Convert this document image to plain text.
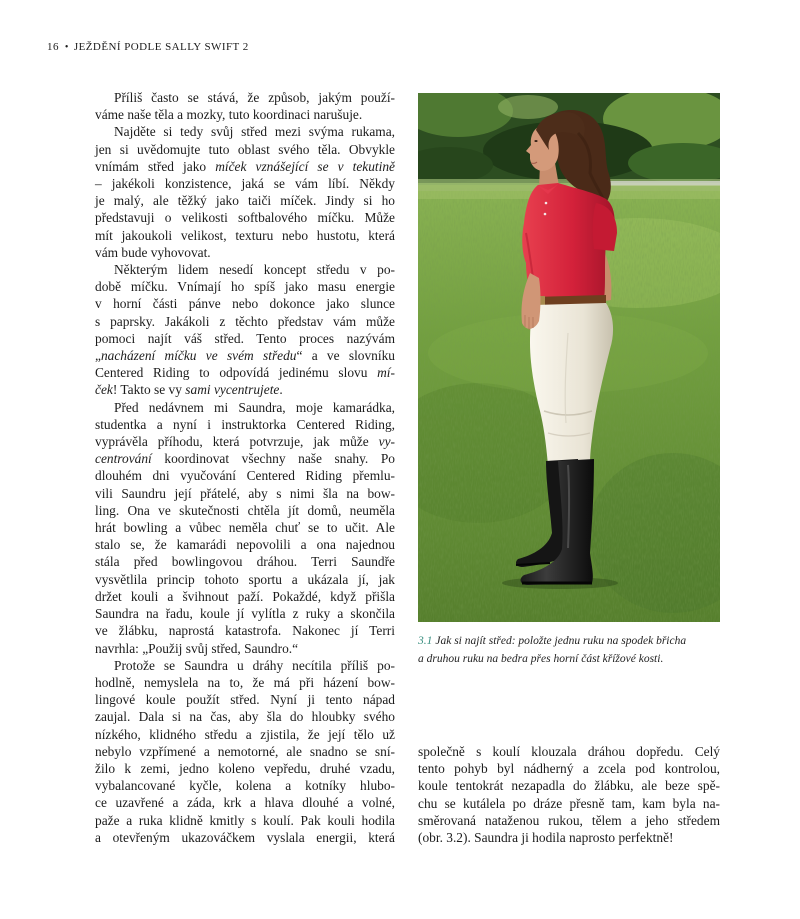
16 • JEŽDĚNÍ PODLE SALLY SWIFT 2
Příliš často se stává, že způsob, jakým použí-
váme naše těla a mozky, tuto koordinaci narušuje.
Najděte si tedy svůj střed mezi svýma rukama,
jen si uvědomujte tuto oblast svého těla. Obvykle
vnímám střed jako míček vznášející se v tekutině
– jakékoli konzistence, jaká se vám líbí. Někdy
je malý, ale těžký jako taiči míček. Jindy si ho
představuji o velikosti softbalového míčku. Může
mít jakoukoli velikost, texturu nebo hustotu, která
vám bude vyhovovat.
Některým lidem nesedí koncept středu v po-
době míčku. Vnímají ho spíš jako masu energie
v horní části pánve nebo dokonce jako slunce
s paprsky. Jakákoli z těchto představ vám může
pomoci najít váš střed. Tento proces nazývám
„nacházení míčku ve svém středu“ a ve slovníku
Centered Riding to odpovídá jedinému slovu mí-
ček! Takto se vy sami vycentrujete.
Před nedávnem mi Saundra, moje kamarádka,
studentka a nyní i instruktorka Centered Riding,
vyprávěla příhodu, která potvrzuje, jak může vy-
centrování koordinovat všechny naše snahy. Po
dlouhém dni vyučování Centered Riding přemlu-
vili Saundru její přátelé, aby s nimi šla na bow-
ling. Ona ve skutečnosti chtěla jít domů, neuměla
hrát bowling a vůbec neměla chuť se to učit. Ale
stalo se, že kamarádi nepovolili a ona najednou
stála před bowlingovou dráhou. Terri Saundře
vysvětlila princip tohoto sportu a ukázala jí, jak
držet kouli a švihnout paží. Pokaždé, když přišla
Saundra na řadu, koule jí vylítla z ruky a skončila
ve žlábku, naprostá katastrofa. Nakonec jí Terri
navrhla: „Použij svůj střed, Saundro.“
Protože se Saundra u dráhy necítila příliš po-
hodlně, nemyslela na to, že má při házení bow-
lingové koule použít střed. Nyní ji tento nápad
zaujal. Dala si na čas, aby šla do hloubky svého
nízkého, klidného středu a zjistila, že její tělo už
nebylo vzpřímené a nemotorné, ale snadno se sní-
žilo k zemi, jedno koleno vepředu, druhé vzadu,
vybalancované kyčle, kolena a kotníky hlubo-
ce uzavřené a záda, krk a hlava dlouhé a volné,
paže a ruka klidně kmitly s koulí. Pak kouli hodila
a otevřeným ukazováčkem vyslala energii, která
3.1 Jak si najít střed: položte jednu ruku na spodek břicha
a druhou ruku na bedra přes horní část křížové kosti.
společně s koulí klouzala dráhou dopředu. Celý
tento pohyb byl nádherný a zcela pod kontrolou,
koule tentokrát nezapadla do žlábku, ale beze spě-
chu se kutálela po dráze přesně tam, kam byla na-
směrovaná nataženou rukou, tělem a jeho středem
(obr. 3.2). Saundra ji hodila naprosto perfektně!
